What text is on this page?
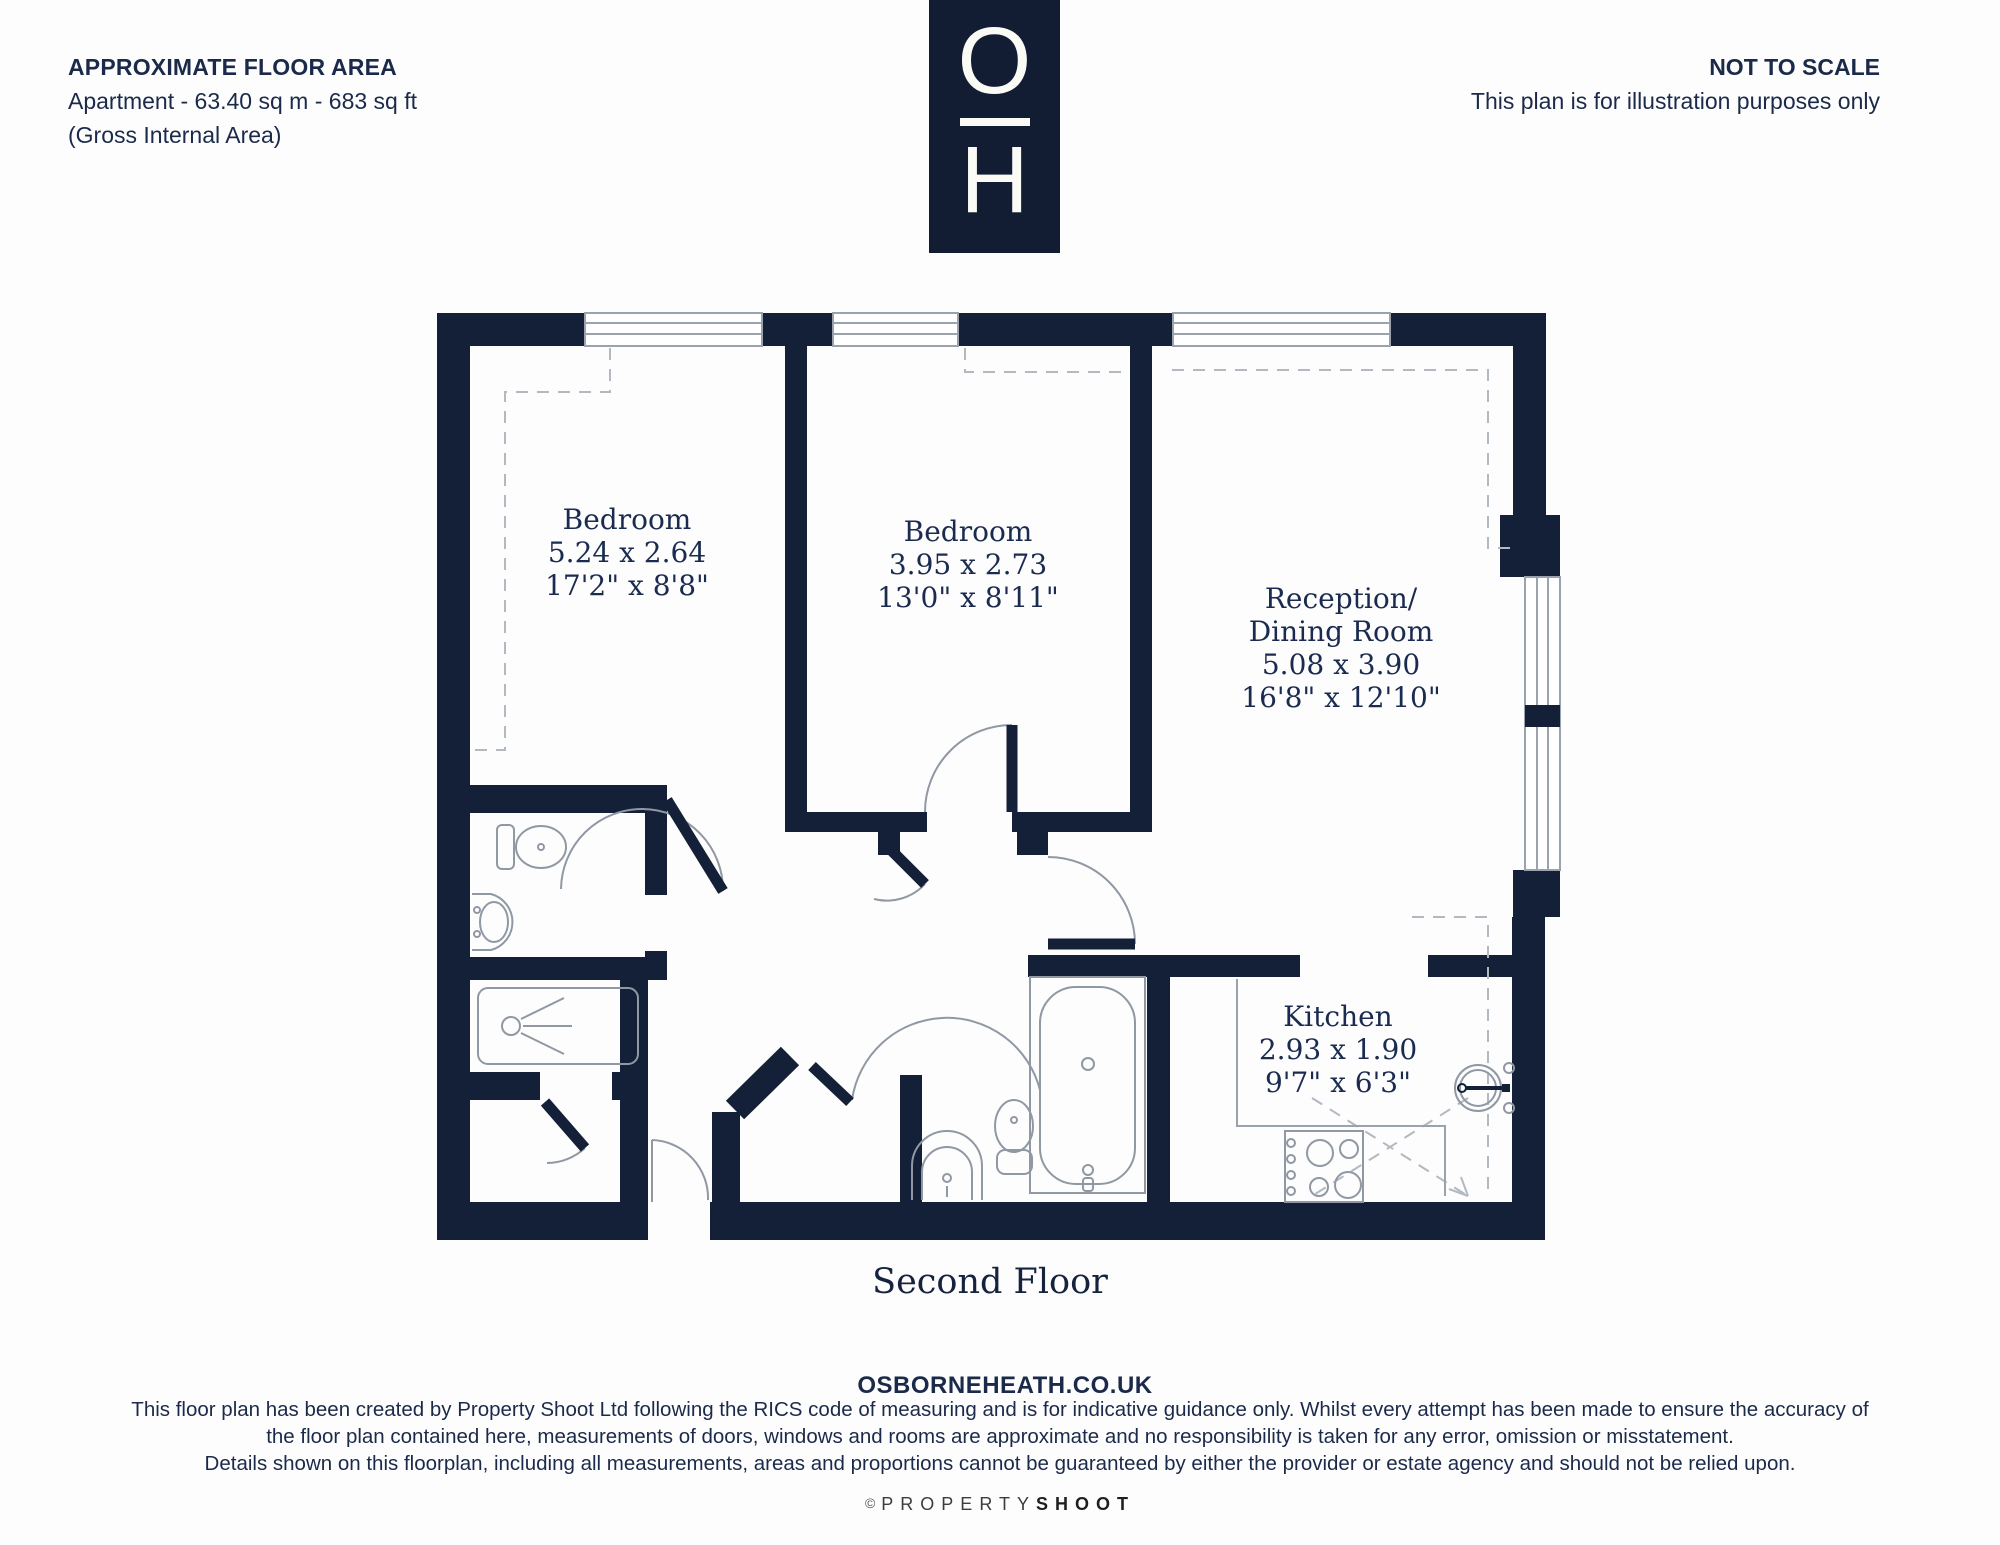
APPROXIMATE FLOOR AREA
Apartment - 63.40 sq m - 683 sq ft
(Gross Internal Area)
O
H
NOT TO SCALE
This plan is for illustration purposes only
Bedroom
5.24 x 2.64
17'2" x 8'8"
Bedroom
3.95 x 2.73
13'0" x 8'11"	Reception/
Dining Room
5.08 x 3.90
16'8" x 12'10"
Kitchen
2.93 x 1.90
9'7" x 6'3"
Second Floor
OSBORNEHEATH.CO.UK
This floor plan has been created by Property Shoot Ltd following the RICS code of measuring and is for indicative guidance only. Whilst every attempt has been made to ensure the accuracy of
the floor plan contained here, measurements of doors, windows and rooms are approximate and no responsibility is taken for any error, omission or misstatement.
Details shown on this floorplan, including all measurements, areas and proportions cannot be guaranteed by either the provider or estate agency and should not be relied upon.
© PROPERTYSHOOT
